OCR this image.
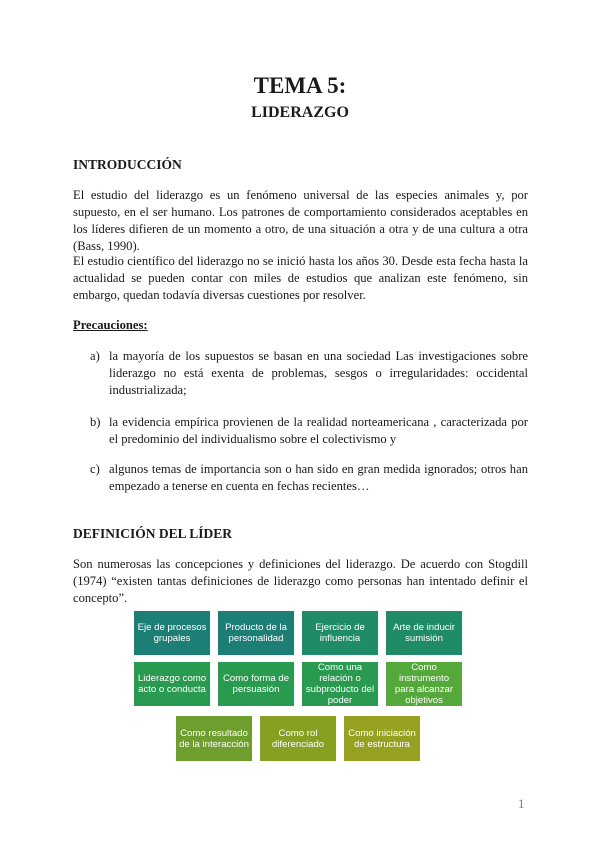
TEMA 5:
LIDERAZGO
INTRODUCCIÓN

El estudio del liderazgo es un fenómeno universal de las especies animales y, por supuesto, en el ser humano. Los patrones de comportamiento considerados aceptables en los líderes difieren de un momento a otro, de una situación a otra y de una cultura a otra (Bass, 1990).

El estudio científico del liderazgo no se inició hasta los años 30. Desde esta fecha hasta la actualidad se pueden contar con miles de estudios que analizan este fenómeno, sin embargo, quedan todavía diversas cuestiones por resolver.

Precauciones:
a) la mayoría de los supuestos se basan en una sociedad Las investigaciones sobre liderazgo no está exenta de problemas, sesgos o irregularidades: occidental industrializada;
b) la evidencia empírica provienen de la realidad norteamericana , caracterizada por el predominio del individualismo sobre el colectivismo y
c) algunos temas de importancia son o han sido en gran medida ignorados; otros han empezado a tenerse en cuenta en fechas recientes…
DEFINICIÓN DEL LÍDER

Son numerosas las concepciones y definiciones del liderazgo. De acuerdo con Stogdill (1974) “existen tantas definiciones de liderazgo como personas han intentado definir el concepto”.

Eje de procesos grupales
Producto de la personalidad
Ejercicio de influencia
Arte de inducir sumisión
Liderazgo como acto o conducta
Como forma de persuasión
Como una relación o subproducto del poder
Como instrumento para alcanzar objetivos
Como resultado de la interacción
Como rol diferenciado
Como iniciación de estructura
1
